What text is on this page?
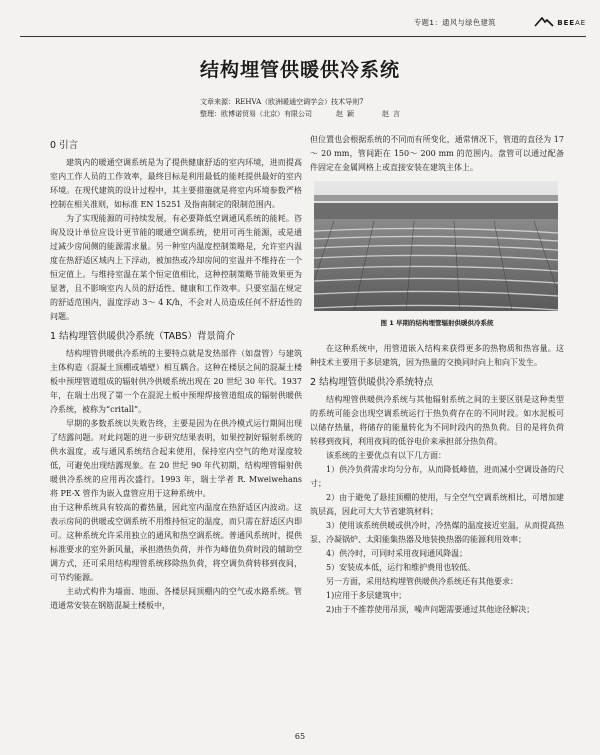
专题1：通风与绿色建筑	BEEAE
结构埋管供暖供冷系统
文章来源： REHVA（欧洲暖通空调学会）技术导则7
整理： 欧博诺贸易（北京）有限公司	赵颖	赵言
0 引言

建筑内的暖通空调系统是为了提供健康舒适的室内环境，进而提高室内工作人员的工作效率，最终目标是利用最低的能耗提供最好的室内环境。在现代建筑的设计过程中，其主要措施就是将室内环境参数严格控制在相关准则，如标准 EN 15251 及指南制定的限制范围内。

为了实现能源的可持续发展，有必要降低空调通风系统的能耗。咨询及设计单位应设计更节能的暖通空调系统，使用可再生能源，或是通过减少房间侧的能源需求量。另一种室内温度控制策略是，允许室内温度在热舒适区域内上下浮动，被加热或冷却房间的室温并不维持在一个恒定值上。与维持室温在某个恒定值相比，这种控制策略节能效果更为显著，且不影响室内人员的舒适性、健康和工作效率。只要室温在规定的舒适范围内，温度浮动 3～ 4 K/h，不会对人员造成任何不舒适性的问题。

1 结构埋管供暖供冷系统（TABS）背景简介

结构埋管供暖供冷系统的主要特点就是发热部件（如盘管）与建筑主体构造（混凝土顶棚或墙壁）相互耦合。这种在楼层之间的混凝土楼板中预埋管道组成的辐射供冷供暖系统出现在 20 世纪 30 年代。1937 年，在瑞士出现了第一个在混泥土板中预埋焊接管道组成的辐射供暖供冷系统，被称为“critall”。

早期的多数系统以失败告终，主要是因为在供冷模式运行期间出现了结露问题。对此问题的进一步研究结果表明，如果控制好辐射系统的供水温度，或与通风系统结合起来使用，保持室内空气的绝对湿度较低，可避免出现结露现象。在 20 世纪 90 年代初期，结构埋管辐射供暖供冷系统的应用再次盛行。1993 年，瑞士学者 R. Mweiwehans 将 PE-X 管作为嵌入盘管应用于这种系统中。

由于这种系统具有较高的蓄热量，因此室内温度在热舒适区内波动。这表示房间的供暖或空调系统不用维持恒定的温度，而只需在舒适区内即可。这种系统允许采用独立的通风和热空调系统。普通风系统时，提供标准要求的室外新风量，承担潜热负荷，并作为峰值负荷时段的辅助空调方式，还可采用结构埋管系统移除热负荷，将空调负荷转移到夜间，可节约能源。

主动式构件为墙面、地面、各楼层间顶棚内的空气或水路系统。管道通常安装在钢筋混凝土楼板中，

但位置也会根据系统的不同而有所变化，通常情况下，管道的直径为 17～ 20 mm，管间距在 150～ 200 mm 的范围内。盘管可以通过配备件固定在金属网格上或直接安装在建筑主体上。

图 1 早期的结构埋管辐射供暖供冷系统

在这种系统中，用管道嵌入结构来获得更多的热物质和热容量。这种技术主要用于多层建筑，因为热量的交换同时向上和向下发生。

2 结构埋管供暖供冷系统特点

结构埋管供暖供冷系统与其他辐射系统之间的主要区别是这种类型的系统可能会出现空调系统运行于热负荷存在的不同时段。如水泥板可以储存热量，将储存的能量转化为不同时段内的热负荷。目的是将负荷转移到夜间，利用夜间的低谷电价来承担部分热负荷。

该系统的主要优点有以下几方面：

1）供冷负荷需求均匀分布，从而降低峰值，进而减小空调设备的尺寸；

2）由于避免了悬挂顶棚的使用，与全空气空调系统相比，可增加建筑层高，因此可大大节省建筑材料；

3）使用该系统供暖或供冷时，冷热媒的温度接近室温，从而提高热泵、冷凝锅炉、太阳能集热器及地装换热器的能源利用效率；

4）供冷时，可同时采用夜间通风降温；

5）安装成本低，运行和维护费用也较低。

另一方面，采用结构埋管供暖供冷系统还有其他要求：

1)应用于多层建筑中；

2)由于不推荐使用吊顶，噪声问题需要通过其他途径解决；

65
